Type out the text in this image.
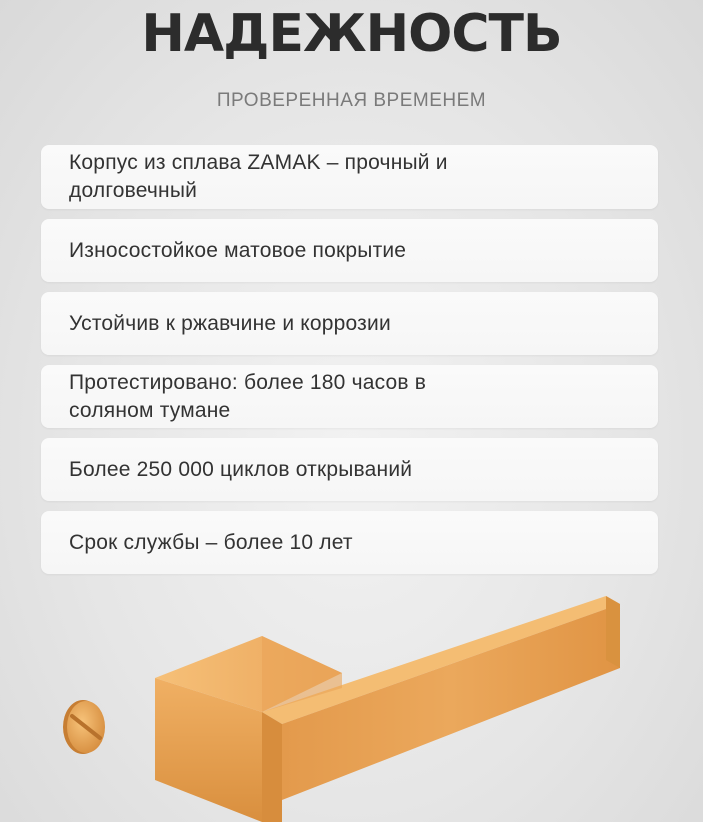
НАДЕЖНОСТЬ
ПРОВЕРЕННАЯ ВРЕМЕНЕМ
Корпус из сплава ZAMAK – прочный и
долговечный
Износостойкое матовое покрытие
Устойчив к ржавчине и коррозии
Протестировано: более 180 часов в
соляном тумане
Более 250 000 циклов открываний
Срок службы – более 10 лет
